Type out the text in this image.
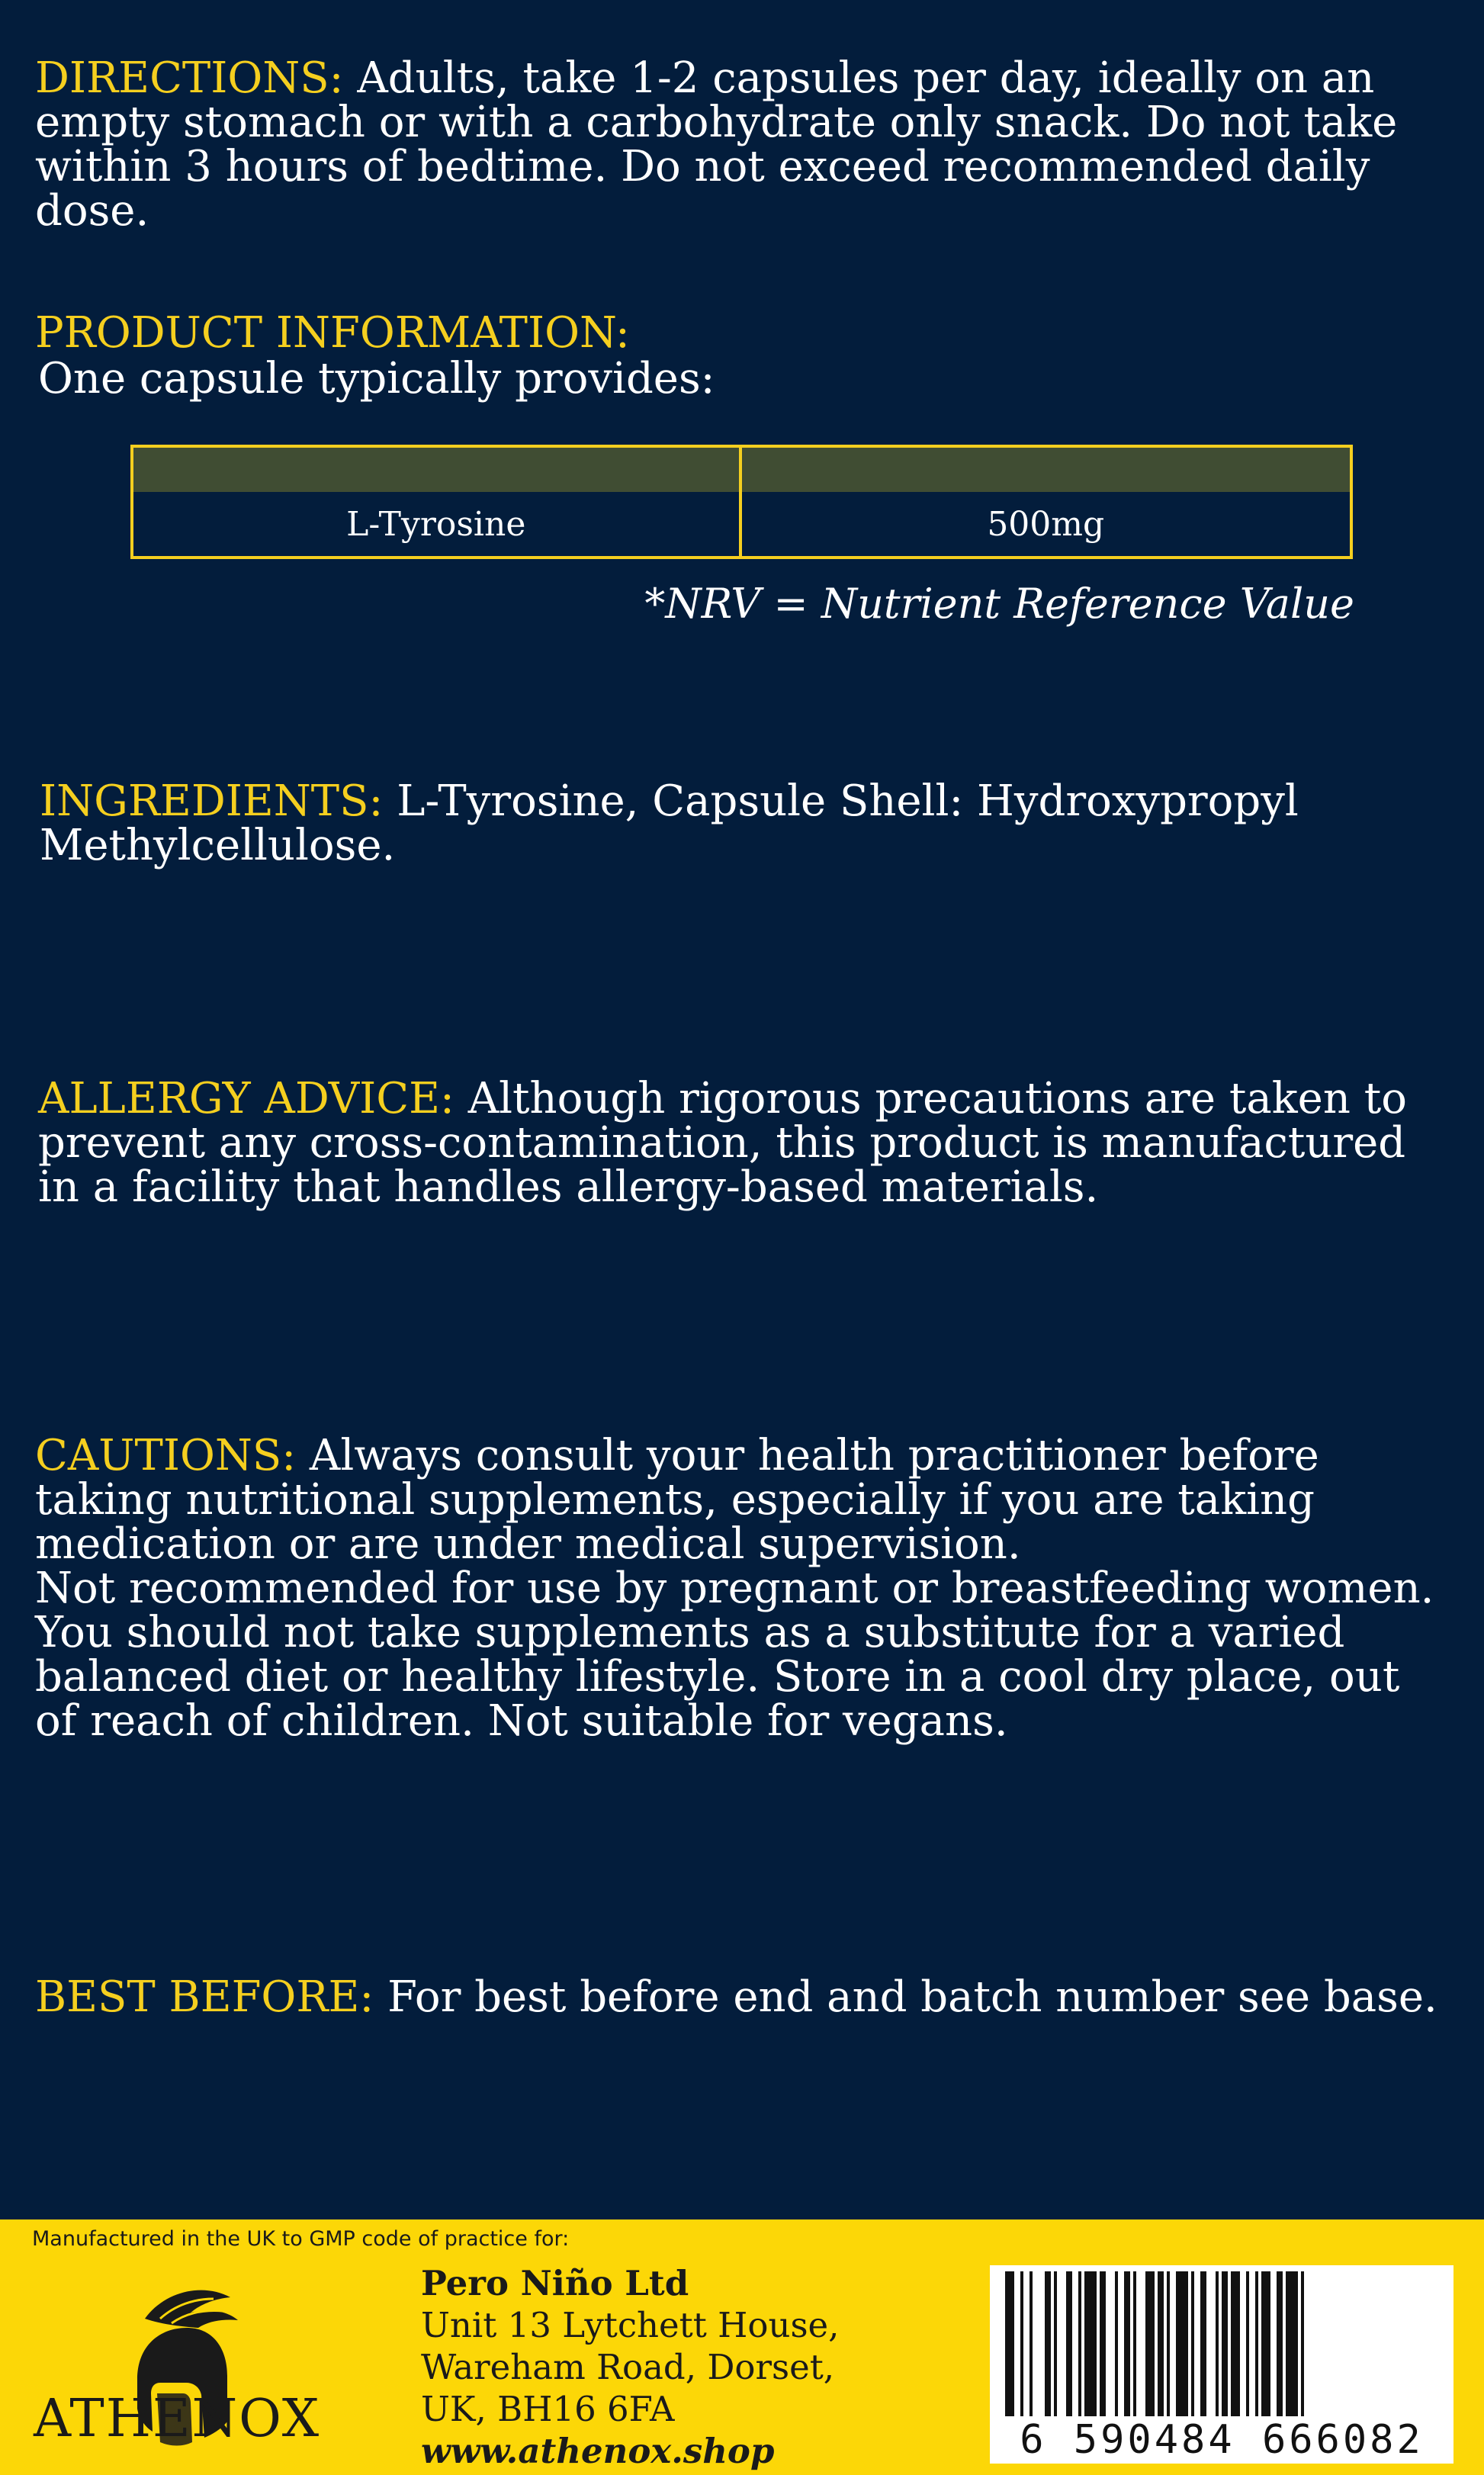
DIRECTIONS: Adults, take 1-2 capsules per day, ideally on an empty stomach or with a carbohydrate only snack. Do not take within 3 hours of bedtime. Do not exceed recommended daily dose.

PRODUCT INFORMATION:

One capsule typically provides:

L-Tyrosine	500mg
*NRV = Nutrient Reference Value

INGREDIENTS: L-Tyrosine, Capsule Shell: Hydroxypropyl Methylcellulose.

ALLERGY ADVICE: Although rigorous precautions are taken to prevent any cross-contamination, this product is manufactured in a facility that handles allergy-based materials.

CAUTIONS: Always consult your health practitioner before taking nutritional supplements, especially if you are taking medication or are under medical supervision.
Not recommended for use by pregnant or breastfeeding women. You should not take supplements as a substitute for a varied balanced diet or healthy lifestyle. Store in a cool dry place, out of reach of children. Not suitable for vegans.

BEST BEFORE: For best before end and batch number see base.

Manufactured in the UK to GMP code of practice for:
ATHENOX
Pero Niño Ltd
Unit 13 Lytchett House,
Wareham Road, Dorset,
UK, BH16 6FA
www.athenox.shop	6 590484 666082
